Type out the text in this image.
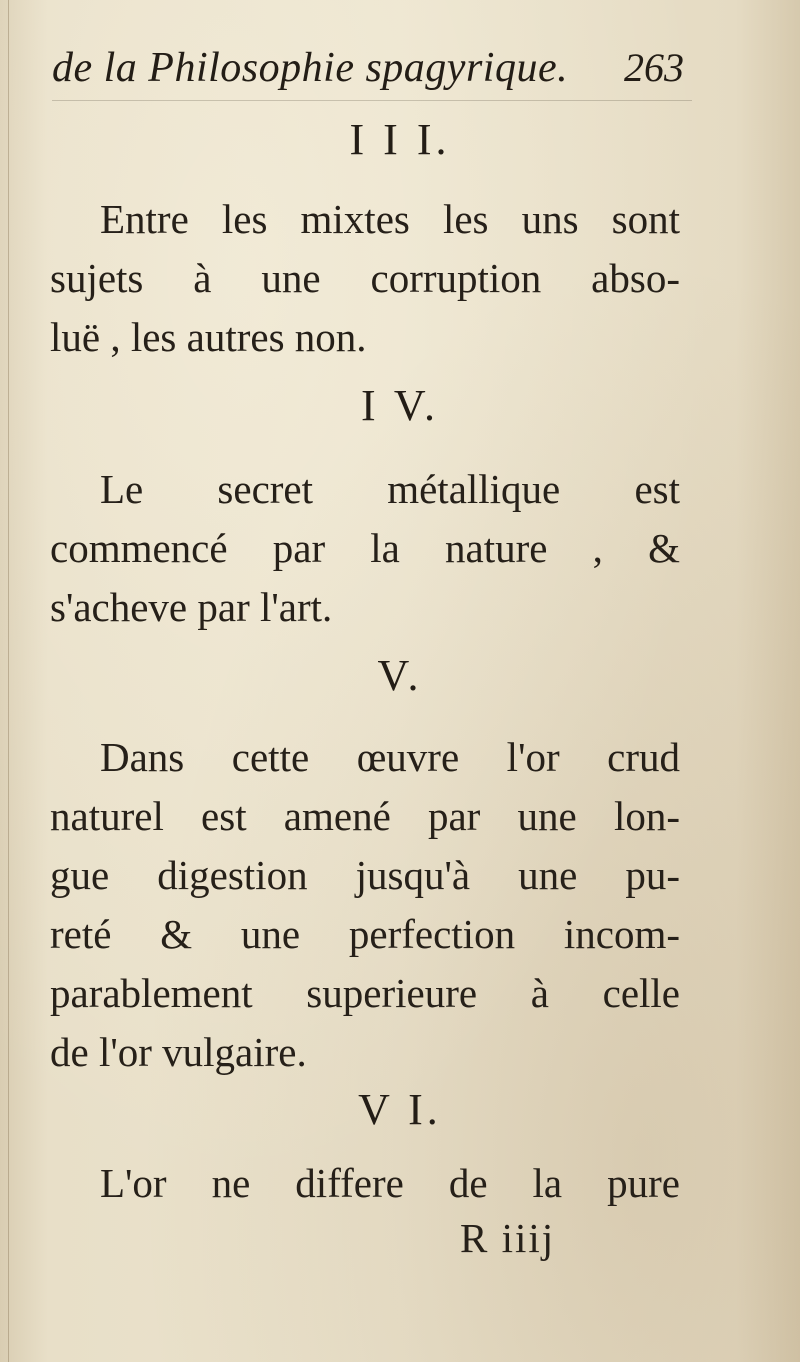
de la Philosophie spagyrique. 263
I I I.
Entre les mixtes les uns sont
sujets à une corruption abso-
luë , les autres non.
I V.
Le secret métallique est
commencé par la nature , &
s'acheve par l'art.
V.
Dans cette œuvre l'or crud
naturel est amené par une lon-
gue digestion jusqu'à une pu-
reté & une perfection incom-
parablement superieure à celle
de l'or vulgaire.
V I.
L'or ne differe de la pure
R iiij
